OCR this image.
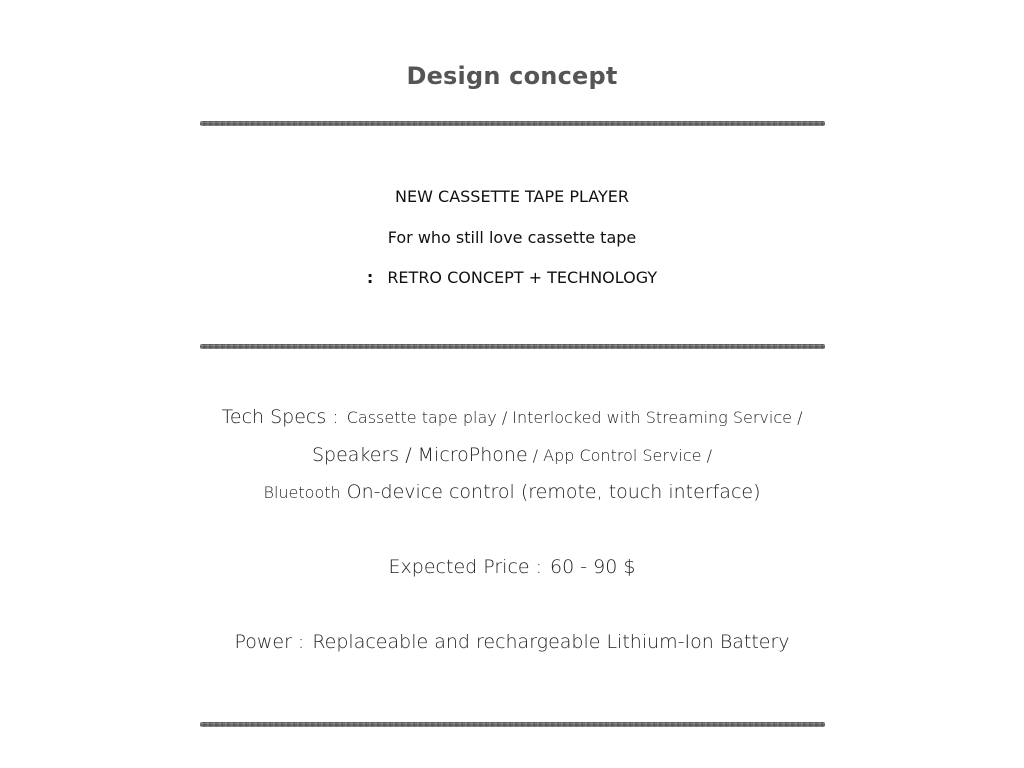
Design concept
NEW CASSETTE TAPE PLAYER
For who still love cassette tape
: RETRO CONCEPT + TECHNOLOGY
Tech Specs : Cassette tape play / Interlocked with Streaming Service /
Speakers / MicroPhone / App Control Service /
Bluetooth On-device control (remote, touch interface)
Expected Price : 60 - 90 $
Power : Replaceable and rechargeable Lithium-Ion Battery
